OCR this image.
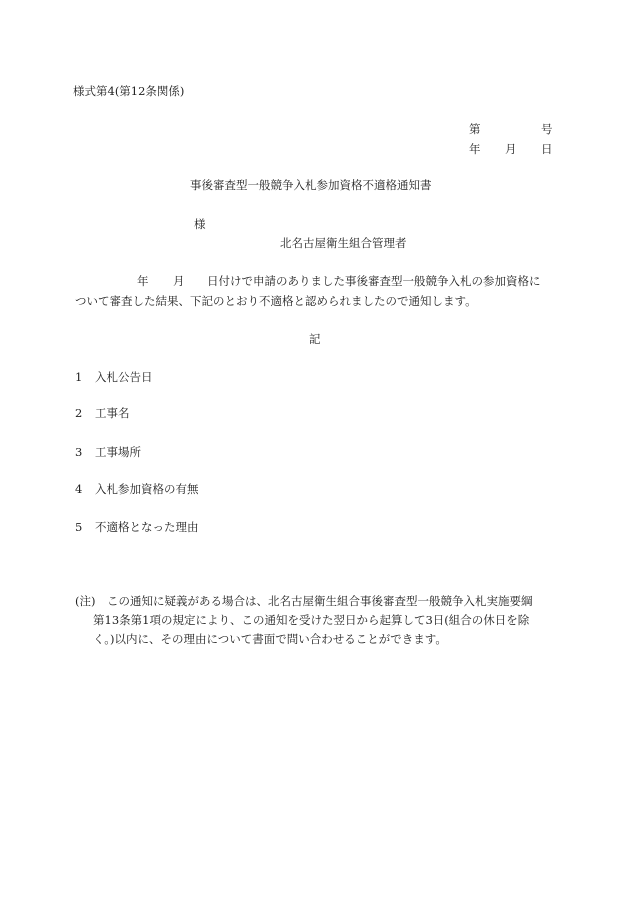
様式第4(第12条関係)
第	号
年 月 日
事後審査型一般競争入札参加資格不適格通知書
様
北名古屋衛生組合管理者
年 月 日付けで申請のありました事後審査型一般競争入札の参加資格に
ついて審査した結果、下記のとおり不適格と認められましたので通知します。
記
1 入札公告日
2 工事名
3 工事場所
4 入札参加資格の有無
5 不適格となった理由
(注)　この通知に疑義がある場合は、北名古屋衛生組合事後審査型一般競争入札実施要綱
第13条第1項の規定により、この通知を受けた翌日から起算して3日(組合の休日を除
く。)以内に、その理由について書面で問い合わせることができます。
